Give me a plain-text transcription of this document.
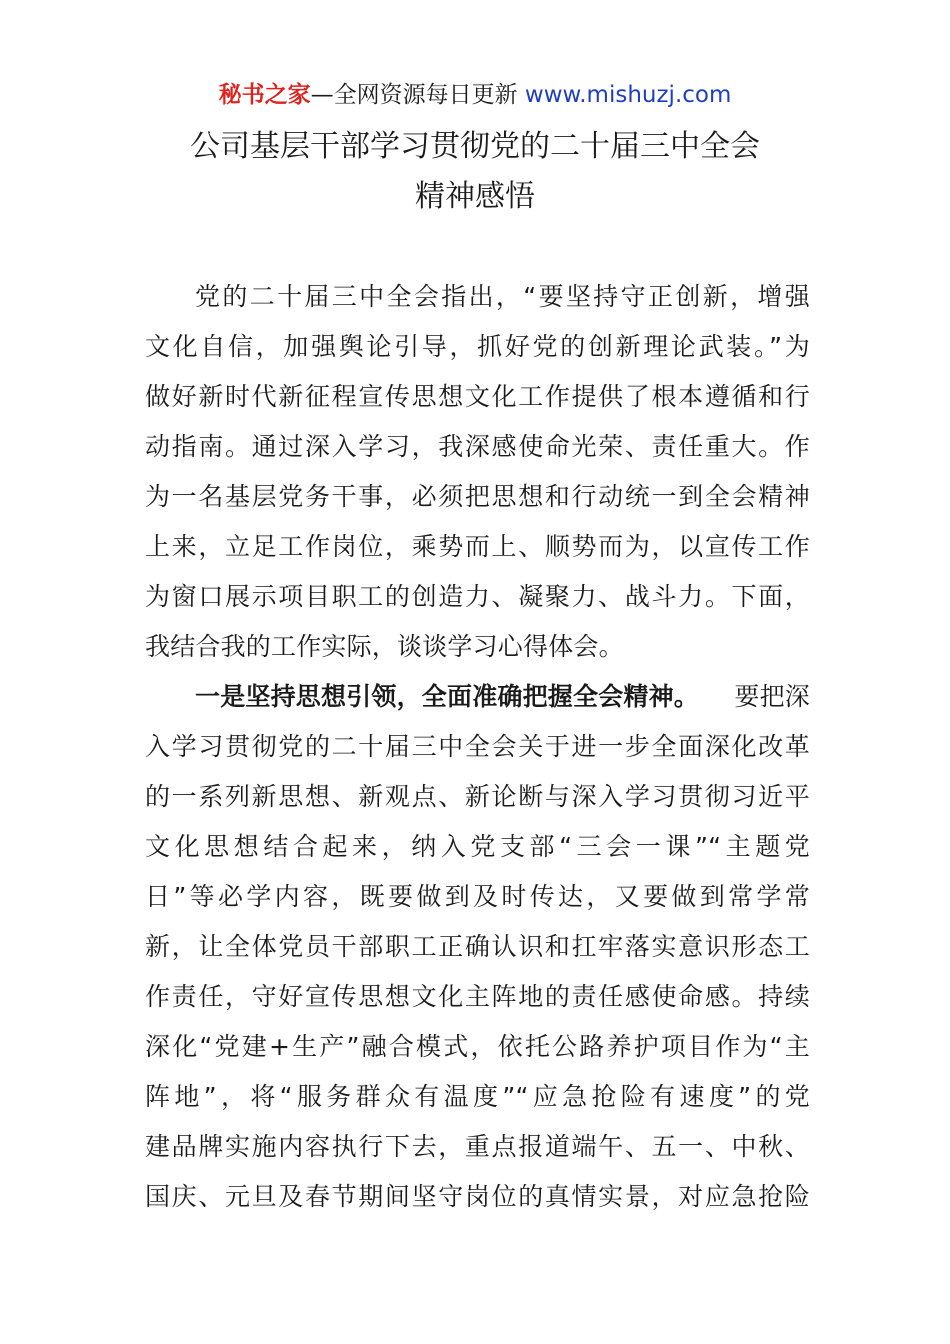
秘书之家—全网资源每日更新 www.mishuzj.com
公司基层干部学习贯彻党的二十届三中全会
精神感悟
党的二十届三中全会指出，“要坚持守正创新，增强
文化自信，加强舆论引导，抓好党的创新理论武装。”为
做好新时代新征程宣传思想文化工作提供了根本遵循和行
动指南。通过深入学习，我深感使命光荣、责任重大。作
为一名基层党务干事，必须把思想和行动统一到全会精神
上来，立足工作岗位，乘势而上、顺势而为，以宣传工作
为窗口展示项目职工的创造力、凝聚力、战斗力。下面，
我结合我的工作实际，谈谈学习心得体会。
一是坚持思想引领，全面准确把握全会精神。 要把深
入学习贯彻党的二十届三中全会关于进一步全面深化改革
的一系列新思想、新观点、新论断与深入学习贯彻习近平
文化思想结合起来，纳入党支部“三会一课”“主题党
日”等必学内容，既要做到及时传达，又要做到常学常
新，让全体党员干部职工正确认识和扛牢落实意识形态工
作责任，守好宣传思想文化主阵地的责任感使命感。持续
深化“党建+生产”融合模式，依托公路养护项目作为“主
阵地”，将“服务群众有温度”“应急抢险有速度”的党
建品牌实施内容执行下去，重点报道端午、五一、中秋、
国庆、元旦及春节期间坚守岗位的真情实景，对应急抢险
